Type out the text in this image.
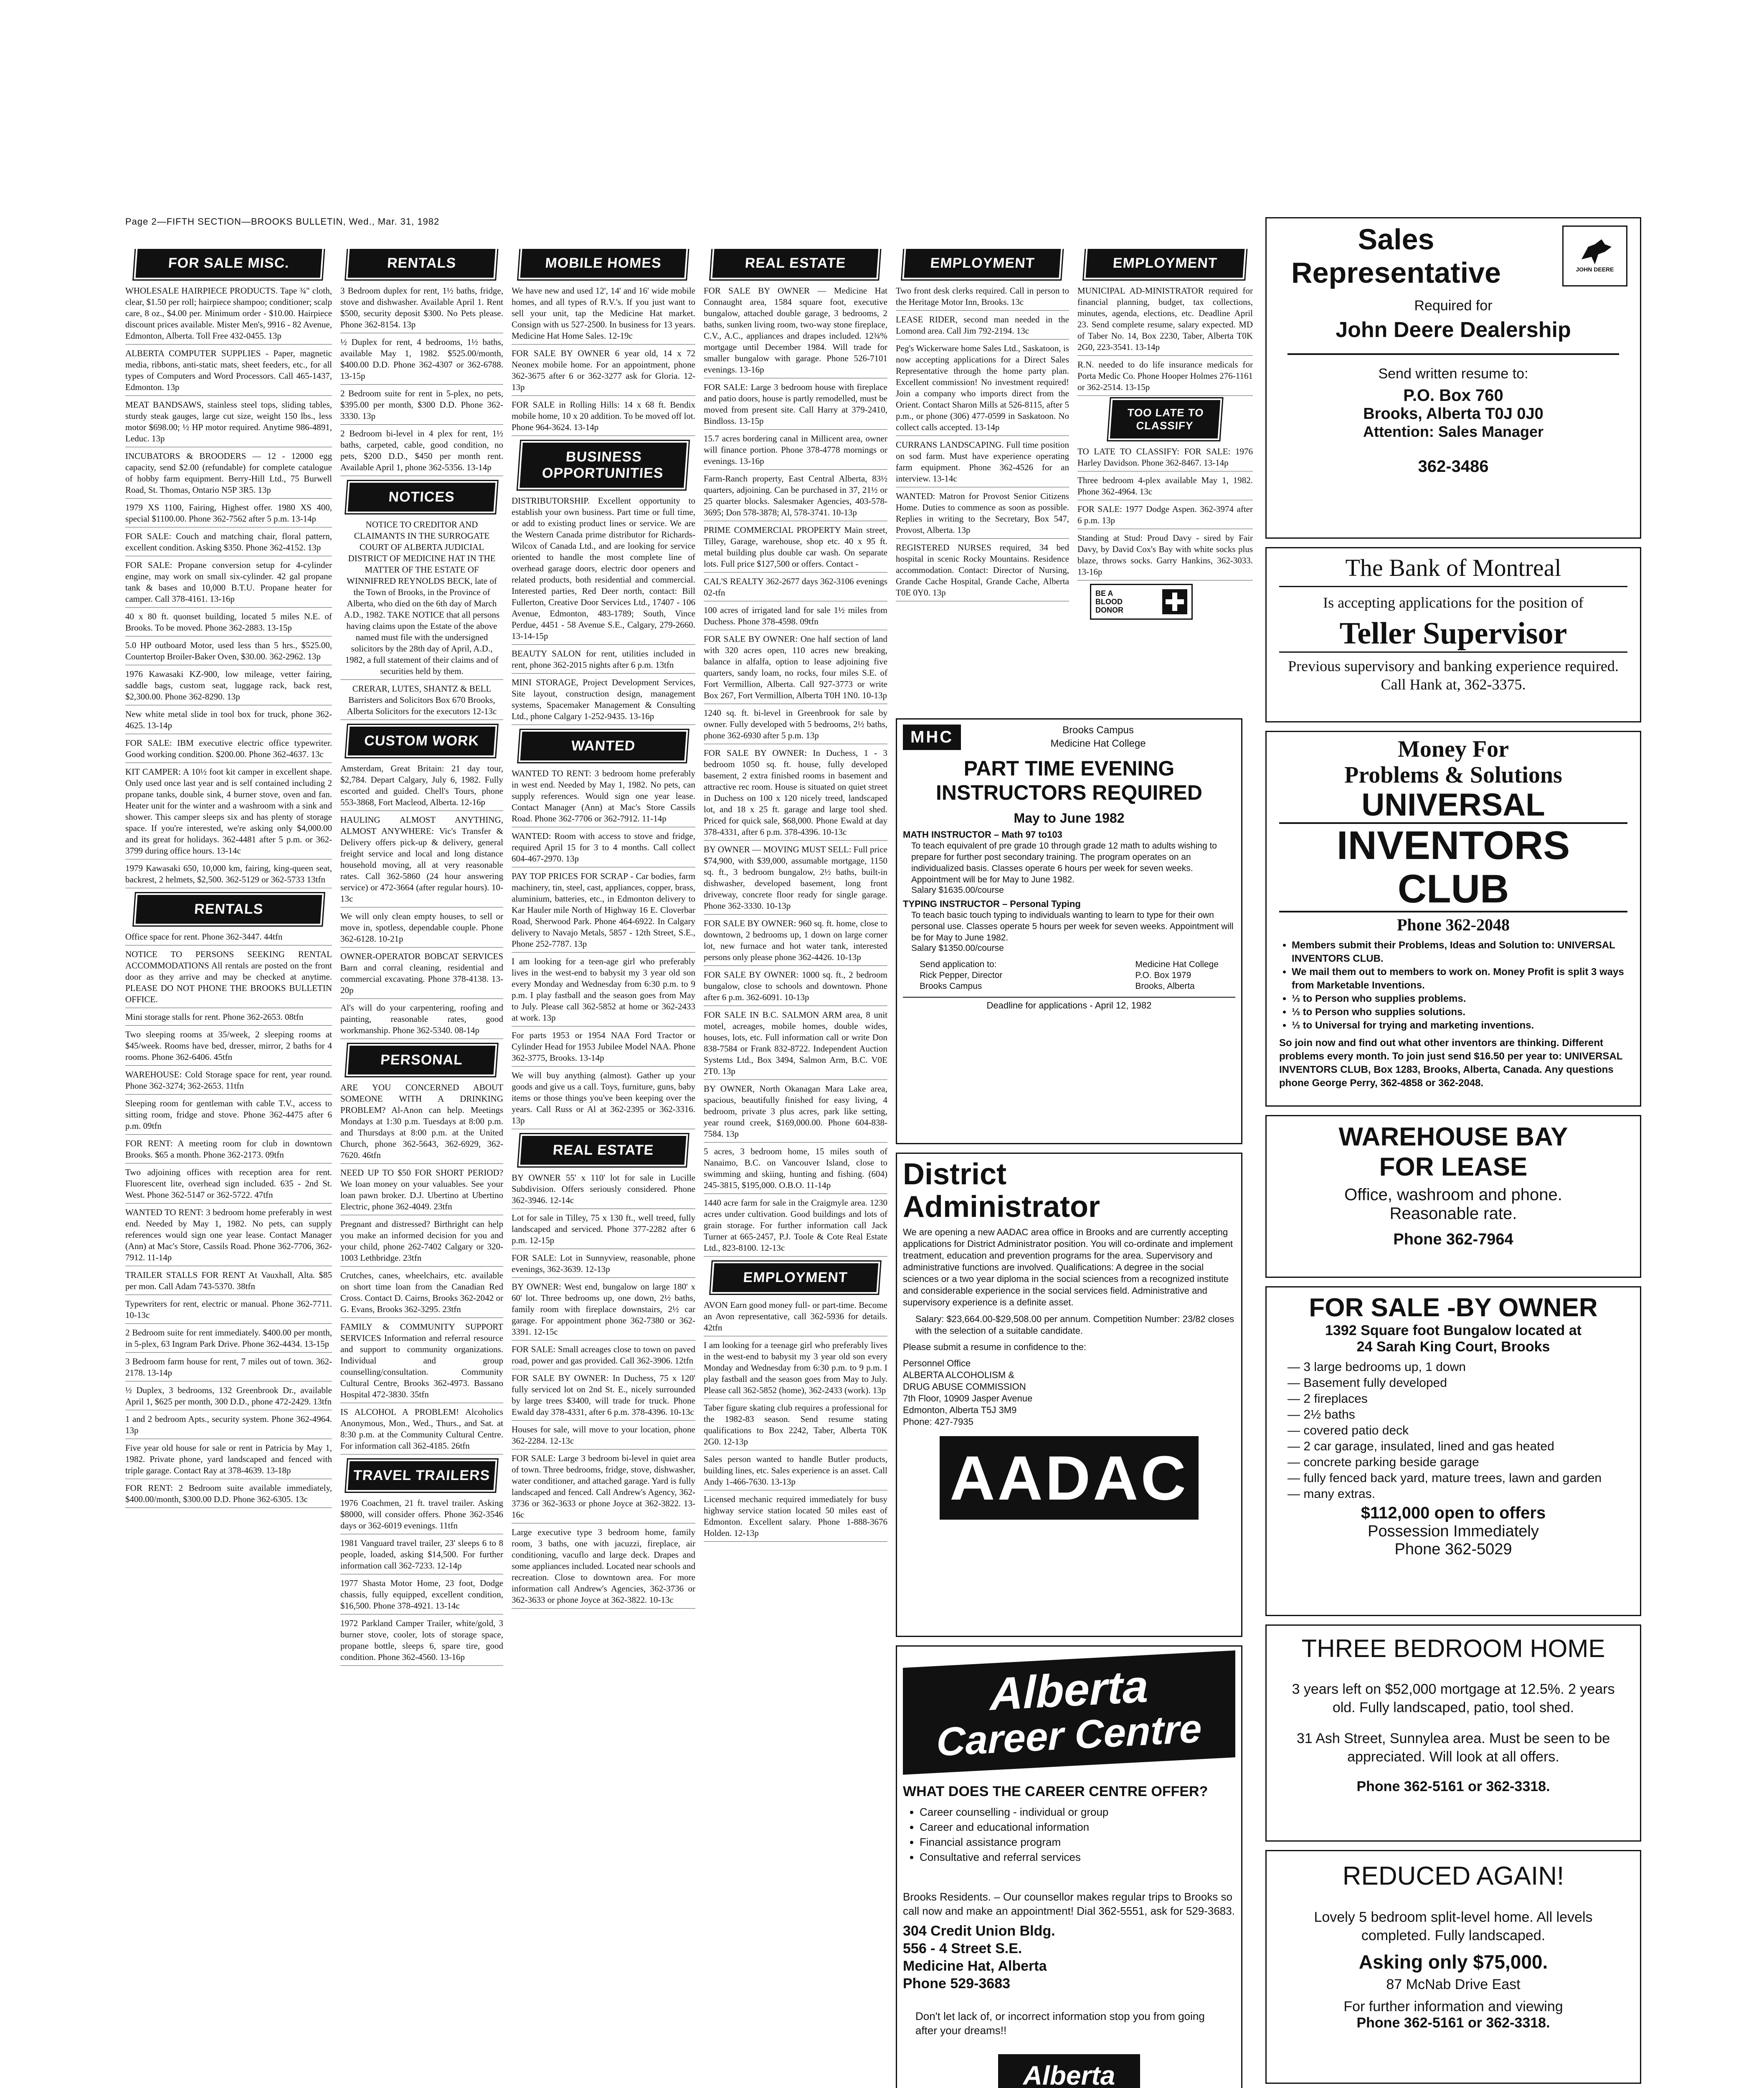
Page 2—FIFTH SECTION—BROOKS BULLETIN, Wed., Mar. 31, 1982
FOR SALE MISC.
WHOLESALE HAIRPIECE PRODUCTS. Tape ¾" cloth, clear, $1.50 per roll; hairpiece shampoo; conditioner; scalp care, 8 oz., $4.00 per. Minimum order - $10.00. Hairpiece discount prices available. Mister Men's, 9916 - 82 Avenue, Edmonton, Alberta. Toll Free 432-0455. 13p
ALBERTA COMPUTER SUPPLIES - Paper, magnetic media, ribbons, anti-static mats, sheet feeders, etc., for all types of Computers and Word Processors. Call 465-1437, Edmonton. 13p
MEAT BANDSAWS, stainless steel tops, sliding tables, sturdy steak gauges, large cut size, weight 150 lbs., less motor $698.00; ½ HP motor required. Anytime 986-4891, Leduc. 13p
INCUBATORS & BROODERS — 12 - 12000 egg capacity, send $2.00 (refundable) for complete catalogue of hobby farm equipment. Berry-Hill Ltd., 75 Burwell Road, St. Thomas, Ontario N5P 3R5. 13p
1979 XS 1100, Fairing, Highest offer. 1980 XS 400, special $1100.00. Phone 362-7562 after 5 p.m. 13-14p
FOR SALE: Couch and matching chair, floral pattern, excellent condition. Asking $350. Phone 362-4152. 13p
FOR SALE: Propane conversion setup for 4-cylinder engine, may work on small six-cylinder. 42 gal propane tank & bases and 10,000 B.T.U. Propane heater for camper. Call 378-4161. 13-16p
40 x 80 ft. quonset building, located 5 miles N.E. of Brooks. To be moved. Phone 362-2883. 13-15p
5.0 HP outboard Motor, used less than 5 hrs., $525.00, Countertop Broiler-Baker Oven, $30.00. 362-2962. 13p
1976 Kawasaki KZ-900, low mileage, vetter fairing, saddle bags, custom seat, luggage rack, back rest, $2,300.00. Phone 362-8290. 13p
New white metal slide in tool box for truck, phone 362-4625. 13-14p
FOR SALE: IBM executive electric office typewriter. Good working condition. $200.00. Phone 362-4637. 13c
KIT CAMPER: A 10½ foot kit camper in excellent shape. Only used once last year and is self contained including 2 propane tanks, double sink, 4 burner stove, oven and fan. Heater unit for the winter and a washroom with a sink and shower. This camper sleeps six and has plenty of storage space. If you're interested, we're asking only $4,000.00 and its great for holidays. 362-4481 after 5 p.m. or 362-3799 during office hours. 13-14c
1979 Kawasaki 650, 10,000 km, fairing, king-queen seat, backrest, 2 helmets, $2,500. 362-5129 or 362-5733 13tfn
RENTALS
Office space for rent. Phone 362-3447. 44tfn
NOTICE TO PERSONS SEEKING RENTAL ACCOMMODATIONS All rentals are posted on the front door as they arrive and may be checked at anytime. PLEASE DO NOT PHONE THE BROOKS BULLETIN OFFICE.
Mini storage stalls for rent. Phone 362-2653. 08tfn
Two sleeping rooms at 35/week, 2 sleeping rooms at $45/week. Rooms have bed, dresser, mirror, 2 baths for 4 rooms. Phone 362-6406. 45tfn
WAREHOUSE: Cold Storage space for rent, year round. Phone 362-3274; 362-2653. 11tfn
Sleeping room for gentleman with cable T.V., access to sitting room, fridge and stove. Phone 362-4475 after 6 p.m. 09tfn
FOR RENT: A meeting room for club in downtown Brooks. $65 a month. Phone 362-2173. 09tfn
Two adjoining offices with reception area for rent. Fluorescent lite, overhead sign included. 635 - 2nd St. West. Phone 362-5147 or 362-5722. 47tfn
WANTED TO RENT: 3 bedroom home preferably in west end. Needed by May 1, 1982. No pets, can supply references would sign one year lease. Contact Manager (Ann) at Mac's Store, Cassils Road. Phone 362-7706, 362-7912. 11-14p
TRAILER STALLS FOR RENT At Vauxhall, Alta. $85 per mon. Call Adam 743-5370. 38tfn
Typewriters for rent, electric or manual. Phone 362-7711. 10-13c
2 Bedroom suite for rent immediately. $400.00 per month, in 5-plex, 63 Ingram Park Drive. Phone 362-4434. 13-15p
3 Bedroom farm house for rent, 7 miles out of town. 362-2178. 13-14p
½ Duplex, 3 bedrooms, 132 Greenbrook Dr., available April 1, $625 per month, 300 D.D., phone 472-2429. 13tfn
1 and 2 bedroom Apts., security system. Phone 362-4964. 13p
Five year old house for sale or rent in Patricia by May 1, 1982. Private phone, yard landscaped and fenced with triple garage. Contact Ray at 378-4639. 13-18p
FOR RENT: 2 Bedroom suite available immediately, $400.00/month, $300.00 D.D. Phone 362-6305. 13c
RENTALS
3 Bedroom duplex for rent, 1½ baths, fridge, stove and dishwasher. Available April 1. Rent $500, security deposit $300. No Pets please. Phone 362-8154. 13p
½ Duplex for rent, 4 bedrooms, 1½ baths, available May 1, 1982. $525.00/month, $400.00 D.D. Phone 362-4307 or 362-6788. 13-15p
2 Bedroom suite for rent in 5-plex, no pets, $395.00 per month, $300 D.D. Phone 362-3330. 13p
2 Bedroom bi-level in 4 plex for rent, 1½ baths, carpeted, cable, good condition, no pets, $200 D.D., $450 per month rent. Available April 1, phone 362-5356. 13-14p
NOTICES
NOTICE TO CREDITOR AND CLAIMANTS IN THE SURROGATE COURT OF ALBERTA JUDICIAL DISTRICT OF MEDICINE HAT IN THE MATTER OF THE ESTATE OF WINNIFRED REYNOLDS BECK, late of the Town of Brooks, in the Province of Alberta, who died on the 6th day of March A.D., 1982. TAKE NOTICE that all persons having claims upon the Estate of the above named must file with the undersigned solicitors by the 28th day of April, A.D., 1982, a full statement of their claims and of securities held by them.
CRERAR, LUTES, SHANTZ & BELL Barristers and Solicitors Box 670 Brooks, Alberta Solicitors for the executors 12-13c
CUSTOM WORK
Amsterdam, Great Britain: 21 day tour, $2,784. Depart Calgary, July 6, 1982. Fully escorted and guided. Chell's Tours, phone 553-3868, Fort Macleod, Alberta. 12-16p
HAULING ALMOST ANYTHING, ALMOST ANYWHERE: Vic's Transfer & Delivery offers pick-up & delivery, general freight service and local and long distance household moving, all at very reasonable rates. Call 362-5860 (24 hour answering service) or 472-3664 (after regular hours). 10-13c
We will only clean empty houses, to sell or move in, spotless, dependable couple. Phone 362-6128. 10-21p
OWNER-OPERATOR BOBCAT SERVICES Barn and corral cleaning, residential and commercial excavating. Phone 378-4138. 13-20p
Al's will do your carpentering, roofing and painting, reasonable rates, good workmanship. Phone 362-5340. 08-14p
PERSONAL
ARE YOU CONCERNED ABOUT SOMEONE WITH A DRINKING PROBLEM? Al-Anon can help. Meetings Mondays at 1:30 p.m. Tuesdays at 8:00 p.m. and Thursdays at 8:00 p.m. at the United Church, phone 362-5643, 362-6929, 362-7620. 46tfn
NEED UP TO $50 FOR SHORT PERIOD? We loan money on your valuables. See your loan pawn broker. D.J. Ubertino at Ubertino Electric, phone 362-4049. 23tfn
Pregnant and distressed? Birthright can help you make an informed decision for you and your child, phone 262-7402 Calgary or 320-1003 Lethbridge. 23tfn
Crutches, canes, wheelchairs, etc. available on short time loan from the Canadian Red Cross. Contact D. Cairns, Brooks 362-2042 or G. Evans, Brooks 362-3295. 23tfn
FAMILY & COMMUNITY SUPPORT SERVICES Information and referral resource and support to community organizations. Individual and group counselling/consultation. Community Cultural Centre, Brooks 362-4973. Bassano Hospital 472-3830. 35tfn
IS ALCOHOL A PROBLEM! Alcoholics Anonymous, Mon., Wed., Thurs., and Sat. at 8:30 p.m. at the Community Cultural Centre. For information call 362-4185. 26tfn
TRAVEL TRAILERS
1976 Coachmen, 21 ft. travel trailer. Asking $8000, will consider offers. Phone 362-3546 days or 362-6019 evenings. 11tfn
1981 Vanguard travel trailer, 23' sleeps 6 to 8 people, loaded, asking $14,500. For further information call 362-7233. 12-14p
1977 Shasta Motor Home, 23 foot, Dodge chassis, fully equipped, excellent condition, $16,500. Phone 378-4921. 13-14c
1972 Parkland Camper Trailer, white/gold, 3 burner stove, cooler, lots of storage space, propane bottle, sleeps 6, spare tire, good condition. Phone 362-4560. 13-16p
MOBILE HOMES
We have new and used 12', 14' and 16' wide mobile homes, and all types of R.V.'s. If you just want to sell your unit, tap the Medicine Hat market. Consign with us 527-2500. In business for 13 years. Medicine Hat Home Sales. 12-19c
FOR SALE BY OWNER 6 year old, 14 x 72 Neonex mobile home. For an appointment, phone 362-3675 after 6 or 362-3277 ask for Gloria. 12-13p
FOR SALE in Rolling Hills: 14 x 68 ft. Bendix mobile home, 10 x 20 addition. To be moved off lot. Phone 964-3624. 13-14p
BUSINESS OPPORTUNITIES
DISTRIBUTORSHIP. Excellent opportunity to establish your own business. Part time or full time, or add to existing product lines or service. We are the Western Canada prime distributor for Richards-Wilcox of Canada Ltd., and are looking for service oriented to handle the most complete line of overhead garage doors, electric door openers and related products, both residential and commercial. Interested parties, Red Deer north, contact: Bill Fullerton, Creative Door Services Ltd., 17407 - 106 Avenue, Edmonton, 483-1789; South, Vince Perdue, 4451 - 58 Avenue S.E., Calgary, 279-2660. 13-14-15p
BEAUTY SALON for rent, utilities included in rent, phone 362-2015 nights after 6 p.m. 13tfn
MINI STORAGE, Project Development Services, Site layout, construction design, management systems, Spacemaker Management & Consulting Ltd., phone Calgary 1-252-9435. 13-16p
WANTED
WANTED TO RENT: 3 bedroom home preferably in west end. Needed by May 1, 1982. No pets, can supply references. Would sign one year lease. Contact Manager (Ann) at Mac's Store Cassils Road. Phone 362-7706 or 362-7912. 11-14p
WANTED: Room with access to stove and fridge, required April 15 for 3 to 4 months. Call collect 604-467-2970. 13p
PAY TOP PRICES FOR SCRAP - Car bodies, farm machinery, tin, steel, cast, appliances, copper, brass, aluminium, batteries, etc., in Edmonton delivery to Kar Hauler mile North of Highway 16 E. Cloverbar Road, Sherwood Park. Phone 464-6922. In Calgary delivery to Navajo Metals, 5857 - 12th Street, S.E., Phone 252-7787. 13p
I am looking for a teen-age girl who preferably lives in the west-end to babysit my 3 year old son every Monday and Wednesday from 6:30 p.m. to 9 p.m. I play fastball and the season goes from May to July. Please call 362-5852 at home or 362-2433 at work. 13p
For parts 1953 or 1954 NAA Ford Tractor or Cylinder Head for 1953 Jubilee Model NAA. Phone 362-3775, Brooks. 13-14p
We will buy anything (almost). Gather up your goods and give us a call. Toys, furniture, guns, baby items or those things you've been keeping over the years. Call Russ or Al at 362-2395 or 362-3316. 13p
REAL ESTATE
BY OWNER 55' x 110' lot for sale in Lucille Subdivision. Offers seriously considered. Phone 362-3946. 12-14c
Lot for sale in Tilley, 75 x 130 ft., well treed, fully landscaped and serviced. Phone 377-2282 after 6 p.m. 12-15p
FOR SALE: Lot in Sunnyview, reasonable, phone evenings, 362-3639. 12-13p
BY OWNER: West end, bungalow on large 180' x 60' lot. Three bedrooms up, one down, 2½ baths, family room with fireplace downstairs, 2½ car garage. For appointment phone 362-7380 or 362-3391. 12-15c
FOR SALE: Small acreages close to town on paved road, power and gas provided. Call 362-3906. 12tfn
FOR SALE BY OWNER: In Duchess, 75 x 120' fully serviced lot on 2nd St. E., nicely surrounded by large trees $3400, will trade for truck. Phone Ewald day 378-4331, after 6 p.m. 378-4396. 10-13c
Houses for sale, will move to your location, phone 362-2284. 12-13c
FOR SALE: Large 3 bedroom bi-level in quiet area of town. Three bedrooms, fridge, stove, dishwasher, water conditioner, and attached garage. Yard is fully landscaped and fenced. Call Andrew's Agency, 362-3736 or 362-3633 or phone Joyce at 362-3822. 13-16c
Large executive type 3 bedroom home, family room, 3 baths, one with jacuzzi, fireplace, air conditioning, vacuflo and large deck. Drapes and some appliances included. Located near schools and recreation. Close to downtown area. For more information call Andrew's Agencies, 362-3736 or 362-3633 or phone Joyce at 362-3822. 10-13c
REAL ESTATE
FOR SALE BY OWNER — Medicine Hat Connaught area, 1584 square foot, executive bungalow, attached double garage, 3 bedrooms, 2 baths, sunken living room, two-way stone fireplace, C.V., A.C., appliances and drapes included. 12¾% mortgage until December 1984. Will trade for smaller bungalow with garage. Phone 526-7101 evenings. 13-16p
FOR SALE: Large 3 bedroom house with fireplace and patio doors, house is partly remodelled, must be moved from present site. Call Harry at 379-2410, Bindloss. 13-15p
15.7 acres bordering canal in Millicent area, owner will finance portion. Phone 378-4778 mornings or evenings. 13-16p
Farm-Ranch property, East Central Alberta, 83½ quarters, adjoining. Can be purchased in 37, 21½ or 25 quarter blocks. Salesmaker Agencies, 403-578-3695; Don 578-3878; Al, 578-3741. 10-13p
PRIME COMMERCIAL PROPERTY Main street, Tilley, Garage, warehouse, shop etc. 40 x 95 ft. metal building plus double car wash. On separate lots. Full price $127,500 or offers. Contact -
CAL'S REALTY 362-2677 days 362-3106 evenings 02-tfn
100 acres of irrigated land for sale 1½ miles from Duchess. Phone 378-4598. 09tfn
FOR SALE BY OWNER: One half section of land with 320 acres open, 110 acres new breaking, balance in alfalfa, option to lease adjoining five quarters, sandy loam, no rocks, four miles S.E. of Fort Vermillion, Alberta. Call 927-3773 or write Box 267, Fort Vermillion, Alberta T0H 1N0. 10-13p
1240 sq. ft. bi-level in Greenbrook for sale by owner. Fully developed with 5 bedrooms, 2½ baths, phone 362-6930 after 5 p.m. 13p
FOR SALE BY OWNER: In Duchess, 1 - 3 bedroom 1050 sq. ft. house, fully developed basement, 2 extra finished rooms in basement and attractive rec room. House is situated on quiet street in Duchess on 100 x 120 nicely treed, landscaped lot, and 18 x 25 ft. garage and large tool shed. Priced for quick sale, $68,000. Phone Ewald at day 378-4331, after 6 p.m. 378-4396. 10-13c
BY OWNER — MOVING MUST SELL: Full price $74,900, with $39,000, assumable mortgage, 1150 sq. ft., 3 bedroom bungalow, 2½ baths, built-in dishwasher, developed basement, long front driveway, concrete floor ready for single garage. Phone 362-3330. 10-13p
FOR SALE BY OWNER: 960 sq. ft. home, close to downtown, 2 bedrooms up, 1 down on large corner lot, new furnace and hot water tank, interested persons only please phone 362-4426. 10-13p
FOR SALE BY OWNER: 1000 sq. ft., 2 bedroom bungalow, close to schools and downtown. Phone after 6 p.m. 362-6091. 10-13p
FOR SALE IN B.C. SALMON ARM area, 8 unit motel, acreages, mobile homes, double wides, houses, lots, etc. Full information call or write Don 838-7584 or Frank 832-8722. Independent Auction Systems Ltd., Box 3494, Salmon Arm, B.C. V0E 2T0. 13p
BY OWNER, North Okanagan Mara Lake area, spacious, beautifully finished for easy living, 4 bedroom, private 3 plus acres, park like setting, year round creek, $169,000.00. Phone 604-838-7584. 13p
5 acres, 3 bedroom home, 15 miles south of Nanaimo, B.C. on Vancouver Island, close to swimming and skiing, hunting and fishing. (604) 245-3815, $195,000. O.B.O. 11-14p
1440 acre farm for sale in the Craigmyle area. 1230 acres under cultivation. Good buildings and lots of grain storage. For further information call Jack Turner at 665-2457, P.J. Toole & Cote Real Estate Ltd., 823-8100. 12-13c
EMPLOYMENT
AVON Earn good money full- or part-time. Become an Avon representative, call 362-5936 for details. 42tfn
I am looking for a teenage girl who preferably lives in the west-end to babysit my 3 year old son every Monday and Wednesday from 6:30 p.m. to 9 p.m. I play fastball and the season goes from May to July. Please call 362-5852 (home), 362-2433 (work). 13p
Taber figure skating club requires a professional for the 1982-83 season. Send resume stating qualifications to Box 2242, Taber, Alberta T0K 2G0. 12-13p
Sales person wanted to handle Butler products, building lines, etc. Sales experience is an asset. Call Andy 1-466-7630. 13-13p
Licensed mechanic required immediately for busy highway service station located 50 miles east of Edmonton. Excellent salary. Phone 1-888-3676 Holden. 12-13p
EMPLOYMENT
Two front desk clerks required. Call in person to the Heritage Motor Inn, Brooks. 13c
LEASE RIDER, second man needed in the Lomond area. Call Jim 792-2194. 13c
Peg's Wickerware home Sales Ltd., Saskatoon, is now accepting applications for a Direct Sales Representative through the home party plan. Excellent commission! No investment required! Join a company who imports direct from the Orient. Contact Sharon Mills at 526-8115, after 5 p.m., or phone (306) 477-0599 in Saskatoon. No collect calls accepted. 13-14p
CURRANS LANDSCAPING. Full time position on sod farm. Must have experience operating farm equipment. Phone 362-4526 for an interview. 13-14c
WANTED: Matron for Provost Senior Citizens Home. Duties to commence as soon as possible. Replies in writing to the Secretary, Box 547, Provost, Alberta. 13p
REGISTERED NURSES required, 34 bed hospital in scenic Rocky Mountains. Residence accommodation. Contact: Director of Nursing, Grande Cache Hospital, Grande Cache, Alberta T0E 0Y0. 13p
EMPLOYMENT
MUNICIPAL AD-MINISTRATOR required for financial planning, budget, tax collections, minutes, agenda, elections, etc. Deadline April 23. Send complete resume, salary expected. MD of Taber No. 14, Box 2230, Taber, Alberta T0K 2G0, 223-3541. 13-14p
R.N. needed to do life insurance medicals for Porta Medic Co. Phone Hooper Holmes 276-1161 or 362-2514. 13-15p
TOO LATE TO CLASSIFY
TO LATE TO CLASSIFY: FOR SALE: 1976 Harley Davidson. Phone 362-8467. 13-14p
Three bedroom 4-plex available May 1, 1982. Phone 362-4964. 13c
FOR SALE: 1977 Dodge Aspen. 362-3974 after 6 p.m. 13p
Standing at Stud: Proud Davy - sired by Fair Davy, by David Cox's Bay with white socks plus blaze, throws socks. Garry Hankins, 362-3033. 13-16p
BE A
BLOOD
DONOR
MHC	Brooks Campus
Medicine Hat College
PART TIME EVENING INSTRUCTORS REQUIRED
May to June 1982
MATH INSTRUCTOR – Math 97 to103
To teach equivalent of pre grade 10 through grade 12 math to adults wishing to prepare for further post secondary training. The program operates on an individualized basis. Classes operate 6 hours per week for seven weeks. Appointment will be for May to June 1982.
Salary $1635.00/course
TYPING INSTRUCTOR – Personal Typing
To teach basic touch typing to individuals wanting to learn to type for their own personal use. Classes operate 5 hours per week for seven weeks. Appointment will be for May to June 1982.
Salary $1350.00/course
Send application to:
Rick Pepper, Director
Brooks Campus
Medicine Hat College
P.O. Box 1979
Brooks, Alberta
Deadline for applications - April 12, 1982
District
Administrator
We are opening a new AADAC area office in Brooks and are currently accepting applications for District Administrator position. You will co-ordinate and implement treatment, education and prevention programs for the area. Supervisory and administrative functions are involved. Qualifications: A degree in the social sciences or a two year diploma in the social sciences from a recognized institute and considerable experience in the social services field. Administrative and supervisory experience is a definite asset.
Salary: $23,664.00-$29,508.00 per annum. Competition Number: 23/82 closes with the selection of a suitable candidate.
Please submit a resume in confidence to the:
Personnel Office
ALBERTA ALCOHOLISM &
DRUG ABUSE COMMISSION
7th Floor, 10909 Jasper Avenue
Edmonton, Alberta T5J 3M9
Phone: 427-7935
AADAC
Alberta
Career Centre
WHAT DOES THE CAREER CENTRE OFFER?
• Career counselling - individual or group
• Career and educational information
• Financial assistance program
• Consultative and referral services
Brooks Residents. – Our counsellor makes regular trips to Brooks so call now and make an appointment! Dial 362-5551, ask for 529-3683.
304 Credit Union Bldg.
556 - 4 Street S.E.
Medicine Hat, Alberta
Phone 529-3683
Don't let lack of, or incorrect information stop you from going after your dreams!!
Alberta
Sales Representative	JOHN DEERE
Required for
John Deere Dealership
Send written resume to:
P.O. Box 760
Brooks, Alberta T0J 0J0
Attention: Sales Manager
362-3486
The Bank of Montreal
Is accepting applications for the position of
Teller Supervisor
Previous supervisory and banking experience required. Call Hank at, 362-3375.
Money For
Problems & Solutions
UNIVERSAL
INVENTORS CLUB
Phone 362-2048
• Members submit their Problems, Ideas and Solution to: UNIVERSAL INVENTORS CLUB.
• We mail them out to members to work on. Money Profit is split 3 ways from Marketable Inventions.
• ⅓ to Person who supplies problems.
• ⅓ to Person who supplies solutions.
• ⅓ to Universal for trying and marketing inventions.
So join now and find out what other inventors are thinking. Different problems every month. To join just send $16.50 per year to: UNIVERSAL INVENTORS CLUB, Box 1283, Brooks, Alberta, Canada. Any questions phone George Perry, 362-4858 or 362-2048.
WAREHOUSE BAY
FOR LEASE
Office, washroom and phone.
Reasonable rate.
Phone 362-7964
FOR SALE -BY OWNER
1392 Square foot Bungalow located at
24 Sarah King Court, Brooks
— 3 large bedrooms up, 1 down
— Basement fully developed
— 2 fireplaces
— 2½ baths
— covered patio deck
— 2 car garage, insulated, lined and gas heated
— concrete parking beside garage
— fully fenced back yard, mature trees, lawn and garden
— many extras.
$112,000 open to offers
Possession Immediately
Phone 362-5029
THREE BEDROOM HOME
3 years left on $52,000 mortgage at 12.5%. 2 years old. Fully landscaped, patio, tool shed.
31 Ash Street, Sunnylea area. Must be seen to be appreciated. Will look at all offers.
Phone 362-5161 or 362-3318.
REDUCED AGAIN!
Lovely 5 bedroom split-level home. All levels completed. Fully landscaped.
Asking only $75,000.
87 McNab Drive East
For further information and viewing
Phone 362-5161 or 362-3318.
